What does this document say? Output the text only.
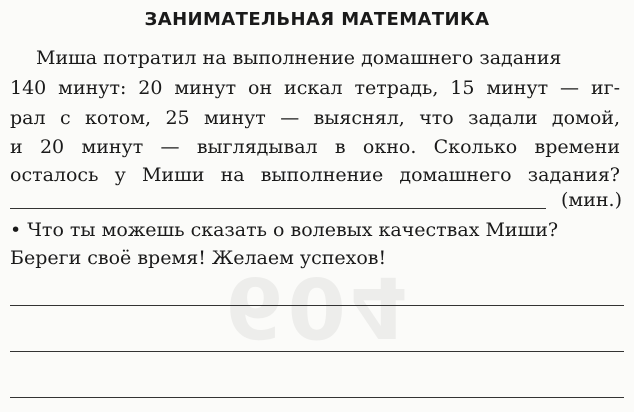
604
ЗАНИМАТЕЛЬНАЯ МАТЕМАТИКА
Миша потратил на выполнение домашнего задания
140 минут: 20 минут он искал тетрадь, 15 минут — иг-
рал с котом, 25 минут — выяснял, что задали домой,
и 20 минут — выглядывал в окно. Сколько времени
осталось у Миши на выполнение домашнего задания?
(мин.)
• Что ты можешь сказать о волевых качествах Миши?
Береги своё время! Желаем успехов!
